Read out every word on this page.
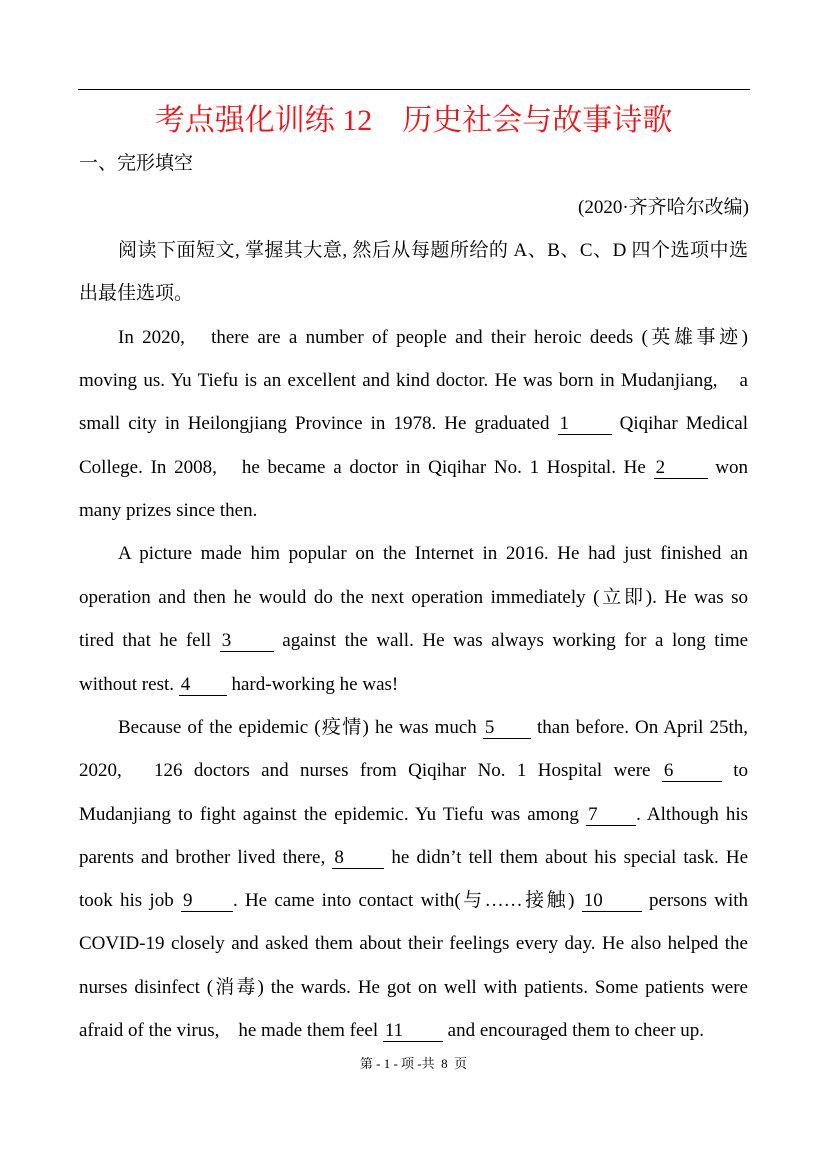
考点强化训练 12 历史社会与故事诗歌
一、完形填空
(2020·齐齐哈尔改编)
阅读下面短文, 掌握其大意, 然后从每题所给的 A、B、C、D 四个选项中选
出最佳选项。
In 2020,　there are a number of people and their heroic deeds (英雄事迹)
moving us. Yu Tiefu is an excellent and kind doctor. He was born in Mudanjiang,　a
small city in Heilongjiang Province in 1978. He graduated 1	Qiqihar Medical
College. In 2008,　he became a doctor in Qiqihar No. 1 Hospital. He 2	won
many prizes since then.
A picture made him popular on the Internet in 2016. He had just finished an
operation and then he would do the next operation immediately (立即). He was so
tired that he fell 3	against the wall. He was always working for a long time
without rest. 4 hard-working he was!
Because of the epidemic (疫情) he was much 5 than before. On April 25th,
2020,　126 doctors and nurses from Qiqihar No. 1 Hospital were 6	to
Mudanjiang to fight against the epidemic. Yu Tiefu was among 7 . Although his
parents and brother lived there, 8	he didn’t tell them about his special task. He
took his job 9 . He came into contact with(与……接触) 10 persons with
COVID-19 closely and asked them about their feelings every day. He also helped the
nurses disinfect (消毒) the wards. He got on well with patients. Some patients were
afraid of the virus,　he made them feel 11 and encouraged them to cheer up.
第 - 1 - 项 -共  8  页
